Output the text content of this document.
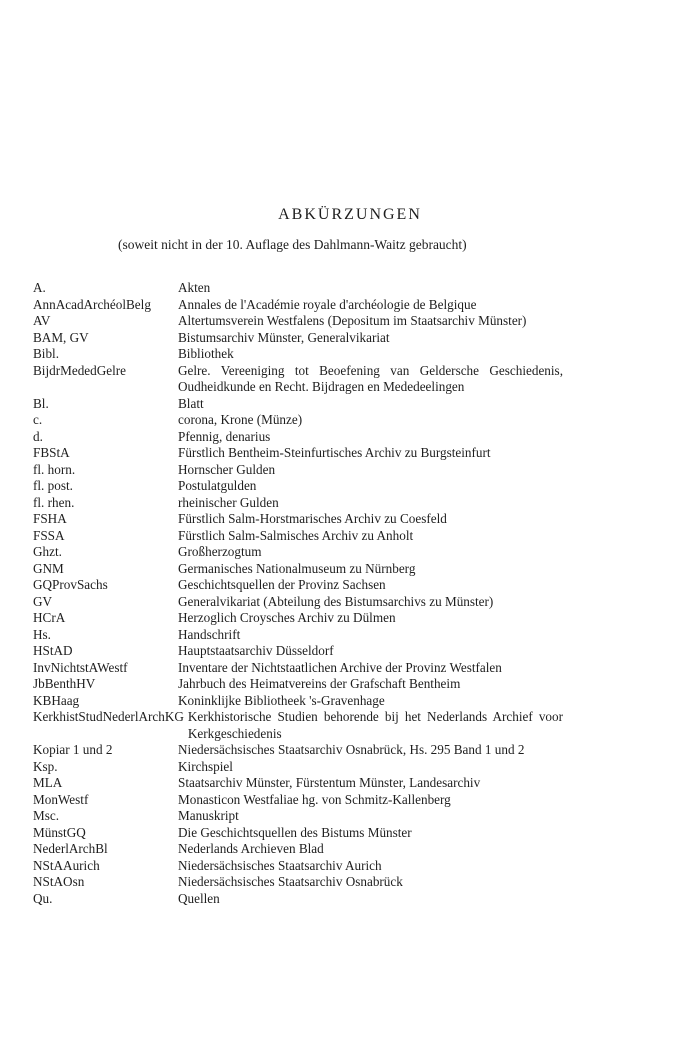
ABKÜRZUNGEN

(soweit nicht in der 10. Auflage des Dahlmann-Waitz gebraucht)

A.	Akten
AnnAcadArchéolBelg	Annales de l'Académie royale d'archéologie de Belgique
AV	Altertumsverein Westfalens (Depositum im Staatsarchiv Münster)
BAM, GV	Bistumsarchiv Münster, Generalvikariat
Bibl.	Bibliothek
BijdrMededGelre	Gelre. Vereeniging tot Beoefening van Geldersche Geschiedenis, Oudheidkunde en Recht. Bijdragen en Mededeelingen
Bl.	Blatt
c.	corona, Krone (Münze)
d.	Pfennig, denarius
FBStA	Fürstlich Bentheim-Steinfurtisches Archiv zu Burgsteinfurt
fl. horn.	Hornscher Gulden
fl. post.	Postulatgulden
fl. rhen.	rheinischer Gulden
FSHA	Fürstlich Salm-Horstmarisches Archiv zu Coesfeld
FSSA	Fürstlich Salm-Salmisches Archiv zu Anholt
Ghzt.	Großherzogtum
GNM	Germanisches Nationalmuseum zu Nürnberg
GQProvSachs	Geschichtsquellen der Provinz Sachsen
GV	Generalvikariat (Abteilung des Bistumsarchivs zu Münster)
HCrA	Herzoglich Croysches Archiv zu Dülmen
Hs.	Handschrift
HStAD	Hauptstaatsarchiv Düsseldorf
InvNichtstAWestf	Inventare der Nichtstaatlichen Archive der Provinz Westfalen
JbBenthHV	Jahrbuch des Heimatvereins der Grafschaft Bentheim
KBHaag	Koninklijke Bibliotheek 's-Gravenhage
KerkhistStudNederlArchKG Kerkhistorische Studien behorende bij het Nederlands Archief voor Kerkgeschiedenis
Kopiar 1 und 2	Niedersächsisches Staatsarchiv Osnabrück, Hs. 295 Band 1 und 2
Ksp.	Kirchspiel
MLA	Staatsarchiv Münster, Fürstentum Münster, Landesarchiv
MonWestf	Monasticon Westfaliae hg. von Schmitz-Kallenberg
Msc.	Manuskript
MünstGQ	Die Geschichtsquellen des Bistums Münster
NederlArchBl	Nederlands Archieven Blad
NStAAurich	Niedersächsisches Staatsarchiv Aurich
NStAOsn	Niedersächsisches Staatsarchiv Osnabrück
Qu.	Quellen
